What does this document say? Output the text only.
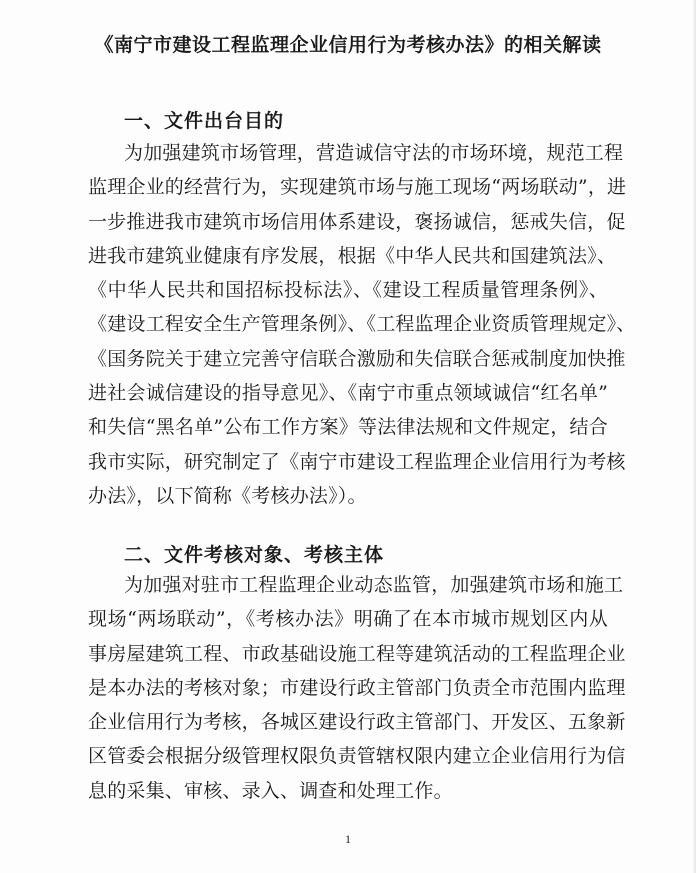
《南宁市建设工程监理企业信用行为考核办法》的相关解读
一、文件出台目的
为加强建筑市场管理，营造诚信守法的市场环境，规范工程
监理企业的经营行为，实现建筑市场与施工现场“两场联动”，进
一步推进我市建筑市场信用体系建设，褒扬诚信，惩戒失信，促
进我市建筑业健康有序发展，根据《中华人民共和国建筑法》、
《中华人民共和国招标投标法》、《建设工程质量管理条例》、
《建设工程安全生产管理条例》、《工程监理企业资质管理规定》、
《国务院关于建立完善守信联合激励和失信联合惩戒制度加快推
进社会诚信建设的指导意见》、《南宁市重点领域诚信“红名单”
和失信“黑名单”公布工作方案》等法律法规和文件规定，结合
我市实际，研究制定了《南宁市建设工程监理企业信用行为考核
办法》，以下简称《考核办法》）。
二、文件考核对象、考核主体
为加强对驻市工程监理企业动态监管，加强建筑市场和施工
现场“两场联动”，《考核办法》明确了在本市城市规划区内从
事房屋建筑工程、市政基础设施工程等建筑活动的工程监理企业
是本办法的考核对象；市建设行政主管部门负责全市范围内监理
企业信用行为考核，各城区建设行政主管部门、开发区、五象新
区管委会根据分级管理权限负责管辖权限内建立企业信用行为信
息的采集、审核、录入、调查和处理工作。
1
